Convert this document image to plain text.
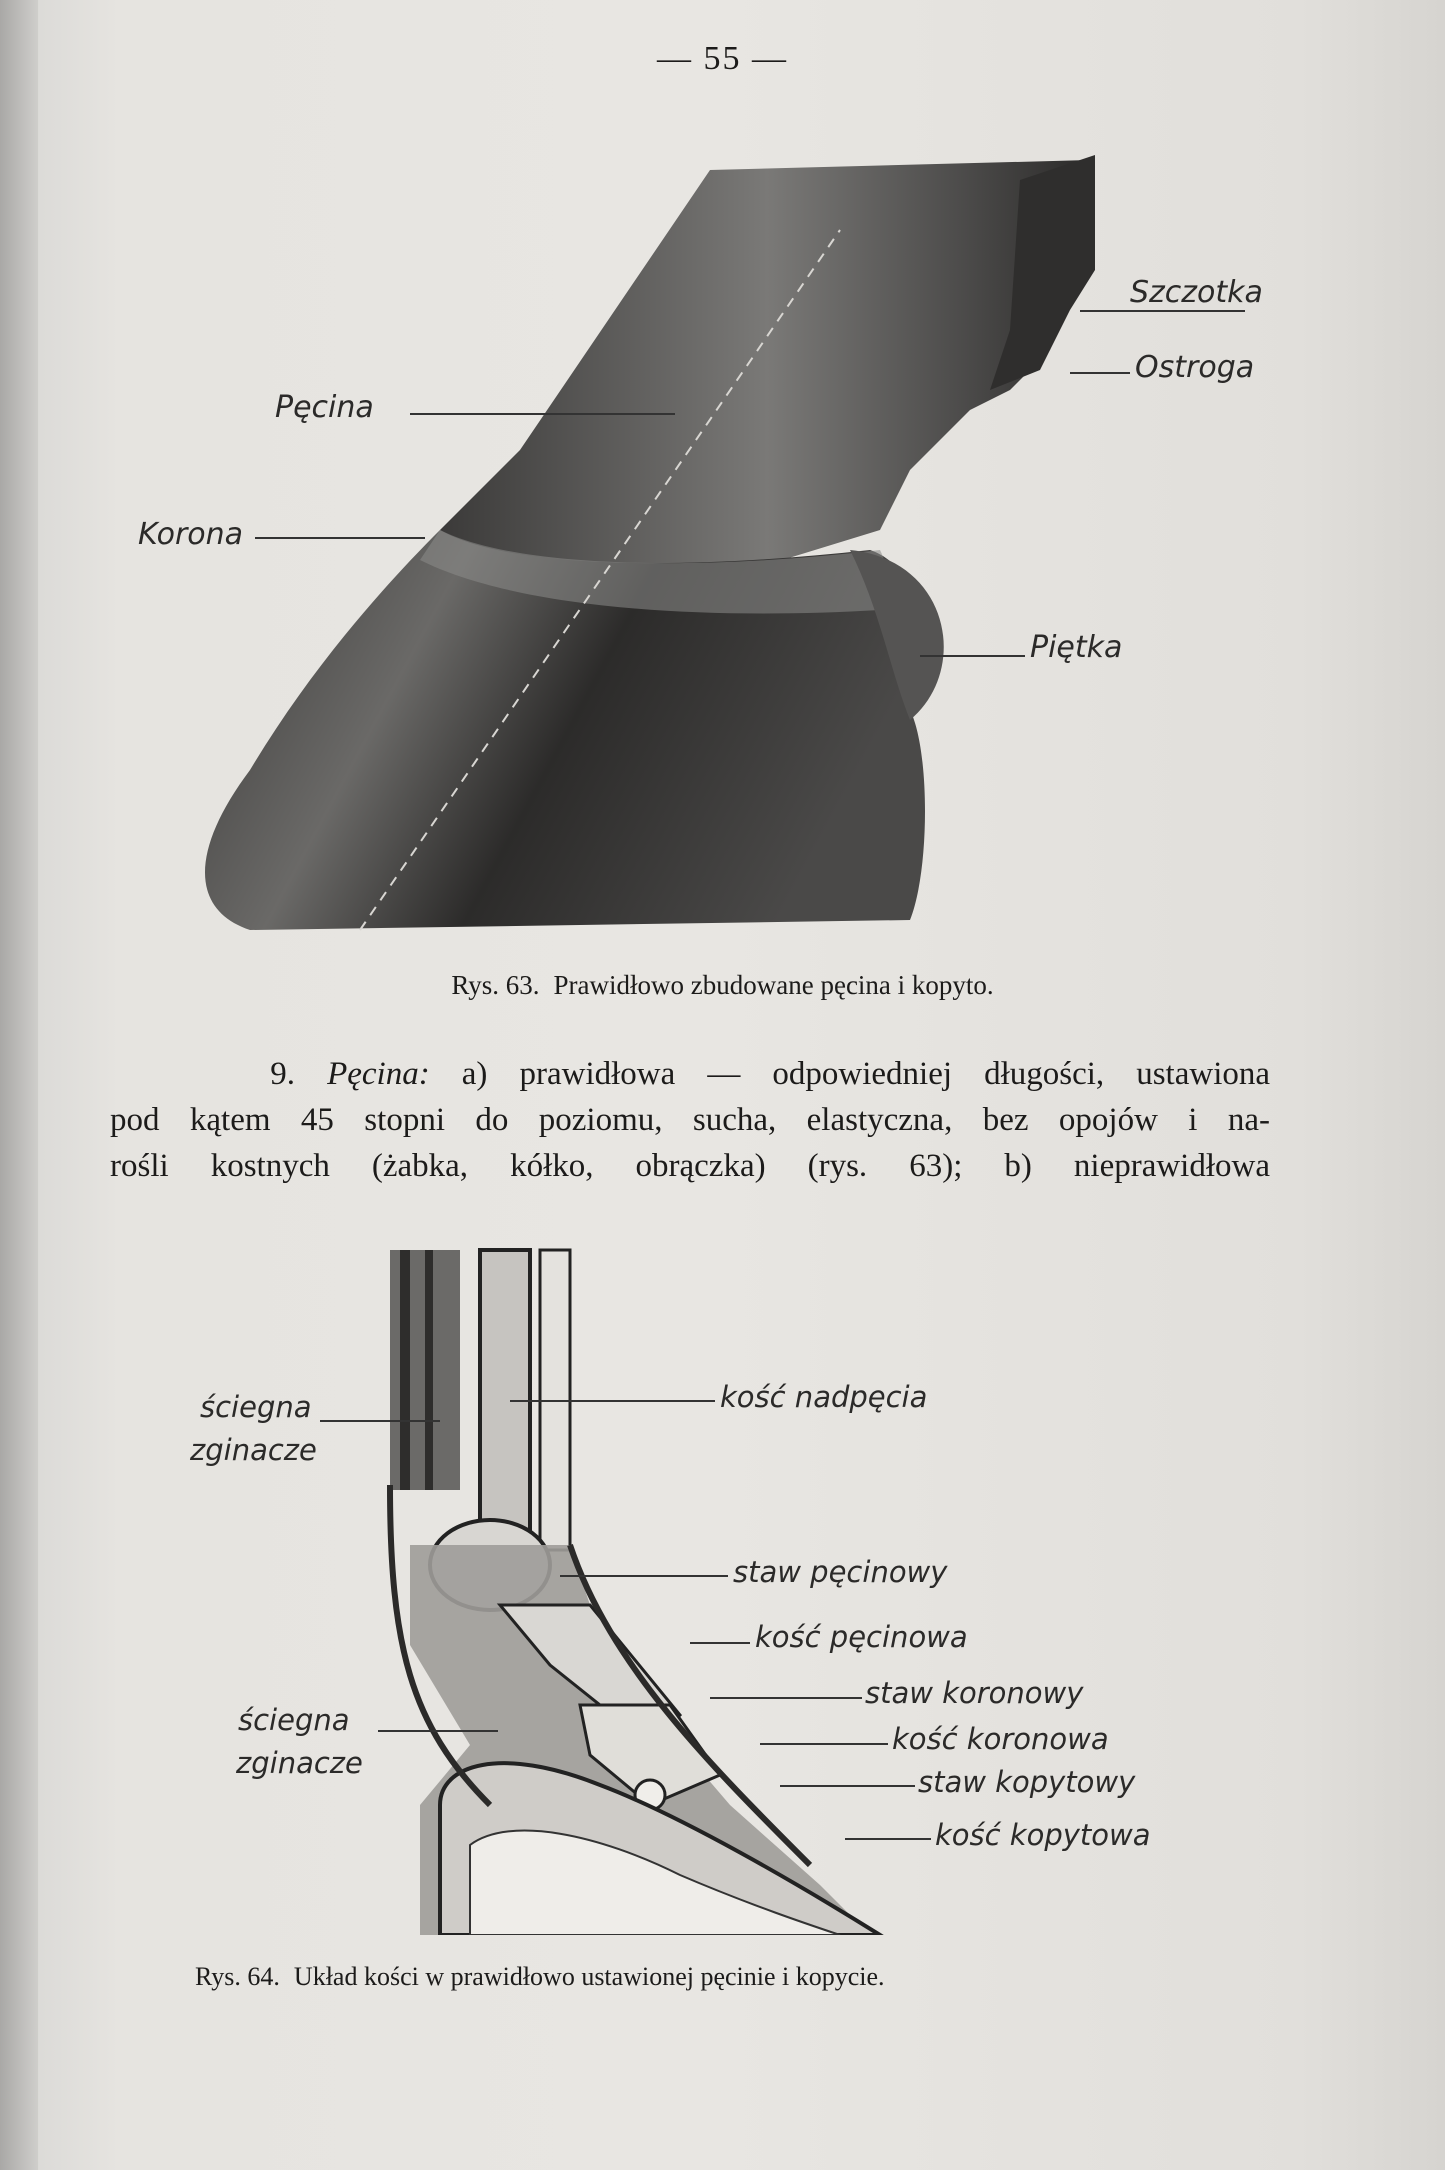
— 55 —
Szczotka
Ostroga
Pęcina
Korona
Piętka
Rys. 63. Prawidłowo zbudowane pęcina i kopyto.
9. Pęcina: a) prawidłowa — odpowiedniej długości, ustawiona
pod kątem 45 stopni do poziomu, sucha, elastyczna, bez opojów i na-
rośli kostnych (żabka, kółko, obrączka) (rys. 63); b) nieprawidłowa
ściegna
zginacze
kość nadpęcia
staw pęcinowy
kość pęcinowa
staw koronowy
ściegna
zginacze
kość koronowa
staw kopytowy
kość kopytowa
Rys. 64. Układ kości w prawidłowo ustawionej pęcinie i kopycie.
